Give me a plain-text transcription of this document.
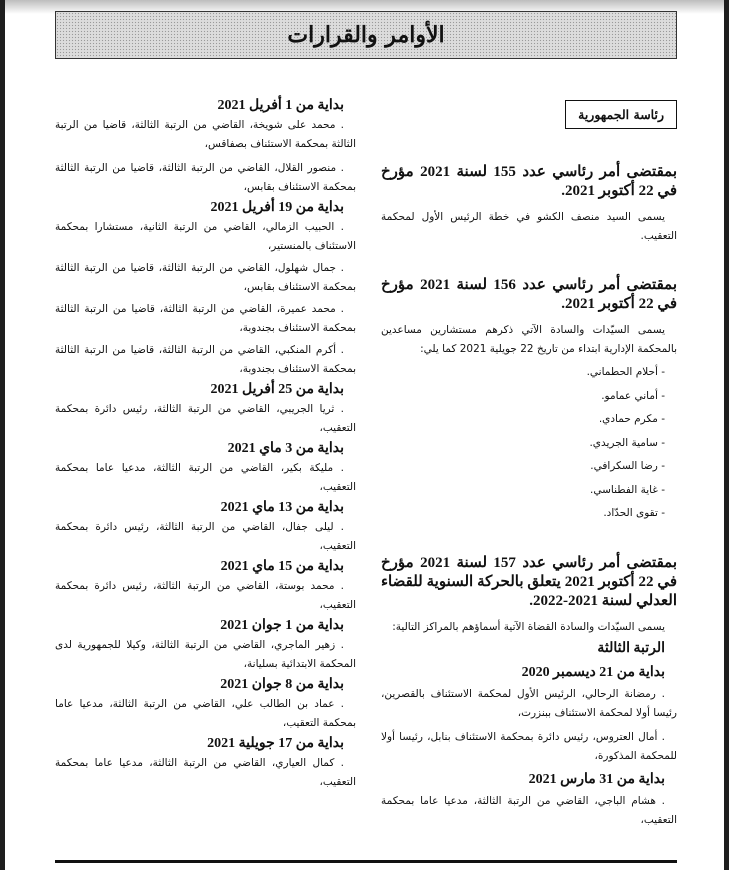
الأوامر والقرارات
رئاسة الجمهورية

بمقتضى أمر رئاسي عدد 155 لسنة 2021 مؤرخ في 22 أكتوبر 2021.

يسمى السيد منصف الكشو في خطة الرئيس الأول لمحكمة التعقيب.

بمقتضى أمر رئاسي عدد 156 لسنة 2021 مؤرخ في 22 أكتوبر 2021.

يسمى السيّدات والسادة الآتي ذكرهم مستشارين مساعدين بالمحكمة الإدارية ابتداء من تاريخ 22 جويلية 2021 كما يلي:

- أحلام الحطماني.

- أماني عمامو.

- مكرم حمادي.

- سامية الجريدي.

- رضا السكرافي.

- غاية الفطناسي.

- تقوى الحدّاد.

بمقتضى أمر رئاسي عدد 157 لسنة 2021 مؤرخ في 22 أكتوبر 2021 يتعلق بالحركة السنوية للقضاء العدلي لسنة 2021-2022.

يسمى السيّدات والسادة القضاة الآتية أسماؤهم بالمراكز التالية:

الرتبة الثالثة

بداية من 21 ديسمبر 2020

. رمضانة الرحالي، الرئيس الأول لمحكمة الاستئناف بالقصرين، رئيسا أولا لمحكمة الاستئناف ببنزرت،

. أمال العتروس، رئيس دائرة بمحكمة الاستئناف بنابل، رئيسا أولا للمحكمة المذكورة،

بداية من 31 مارس 2021

. هشام الباجي، القاضي من الرتبة الثالثة، مدعيا عاما بمحكمة التعقيب،

بداية من 1 أفريل 2021

. محمد على شويخة، القاضي من الرتبة الثالثة، قاضيا من الرتبة الثالثة بمحكمة الاستئناف بصفاقس،

. منصور القلال، القاضي من الرتبة الثالثة، قاضيا من الرتبة الثالثة بمحكمة الاستئناف بقابس،

بداية من 19 أفريل 2021

. الحبيب الزمالي، القاضي من الرتبة الثانية، مستشارا بمحكمة الاستئناف بالمنستير،

. جمال شهلول، القاضي من الرتبة الثالثة، قاضيا من الرتبة الثالثة بمحكمة الاستئناف بقابس،

. محمد عميرة، القاضي من الرتبة الثالثة، قاضيا من الرتبة الثالثة بمحكمة الاستئناف بجندوبة،

. أكرم المنكبي، القاضي من الرتبة الثالثة، قاضيا من الرتبة الثالثة بمحكمة الاستئناف بجندوبة،

بداية من 25 أفريل 2021

. ثريا الجريبي، القاضي من الرتبة الثالثة، رئيس دائرة بمحكمة التعقيب،

بداية من 3 ماي 2021

. مليكة بكير، القاضي من الرتبة الثالثة، مدعيا عاما بمحكمة التعقيب،

بداية من 13 ماي 2021

. ليلى جفال، القاضي من الرتبة الثالثة، رئيس دائرة بمحكمة التعقيب،

بداية من 15 ماي 2021

. محمد بوستة، القاضي من الرتبة الثالثة، رئيس دائرة بمحكمة التعقيب،

بداية من 1 جوان 2021

. زهير الماجري، القاضي من الرتبة الثالثة، وكيلا للجمهورية لدى المحكمة الابتدائية بسليانة،

بداية من 8 جوان 2021

. عماد بن الطالب علي، القاضي من الرتبة الثالثة، مدعيا عاما بمحكمة التعقيب،

بداية من 17 جويلية 2021

. كمال العياري، القاضي من الرتبة الثالثة، مدعيا عاما بمحكمة التعقيب،
